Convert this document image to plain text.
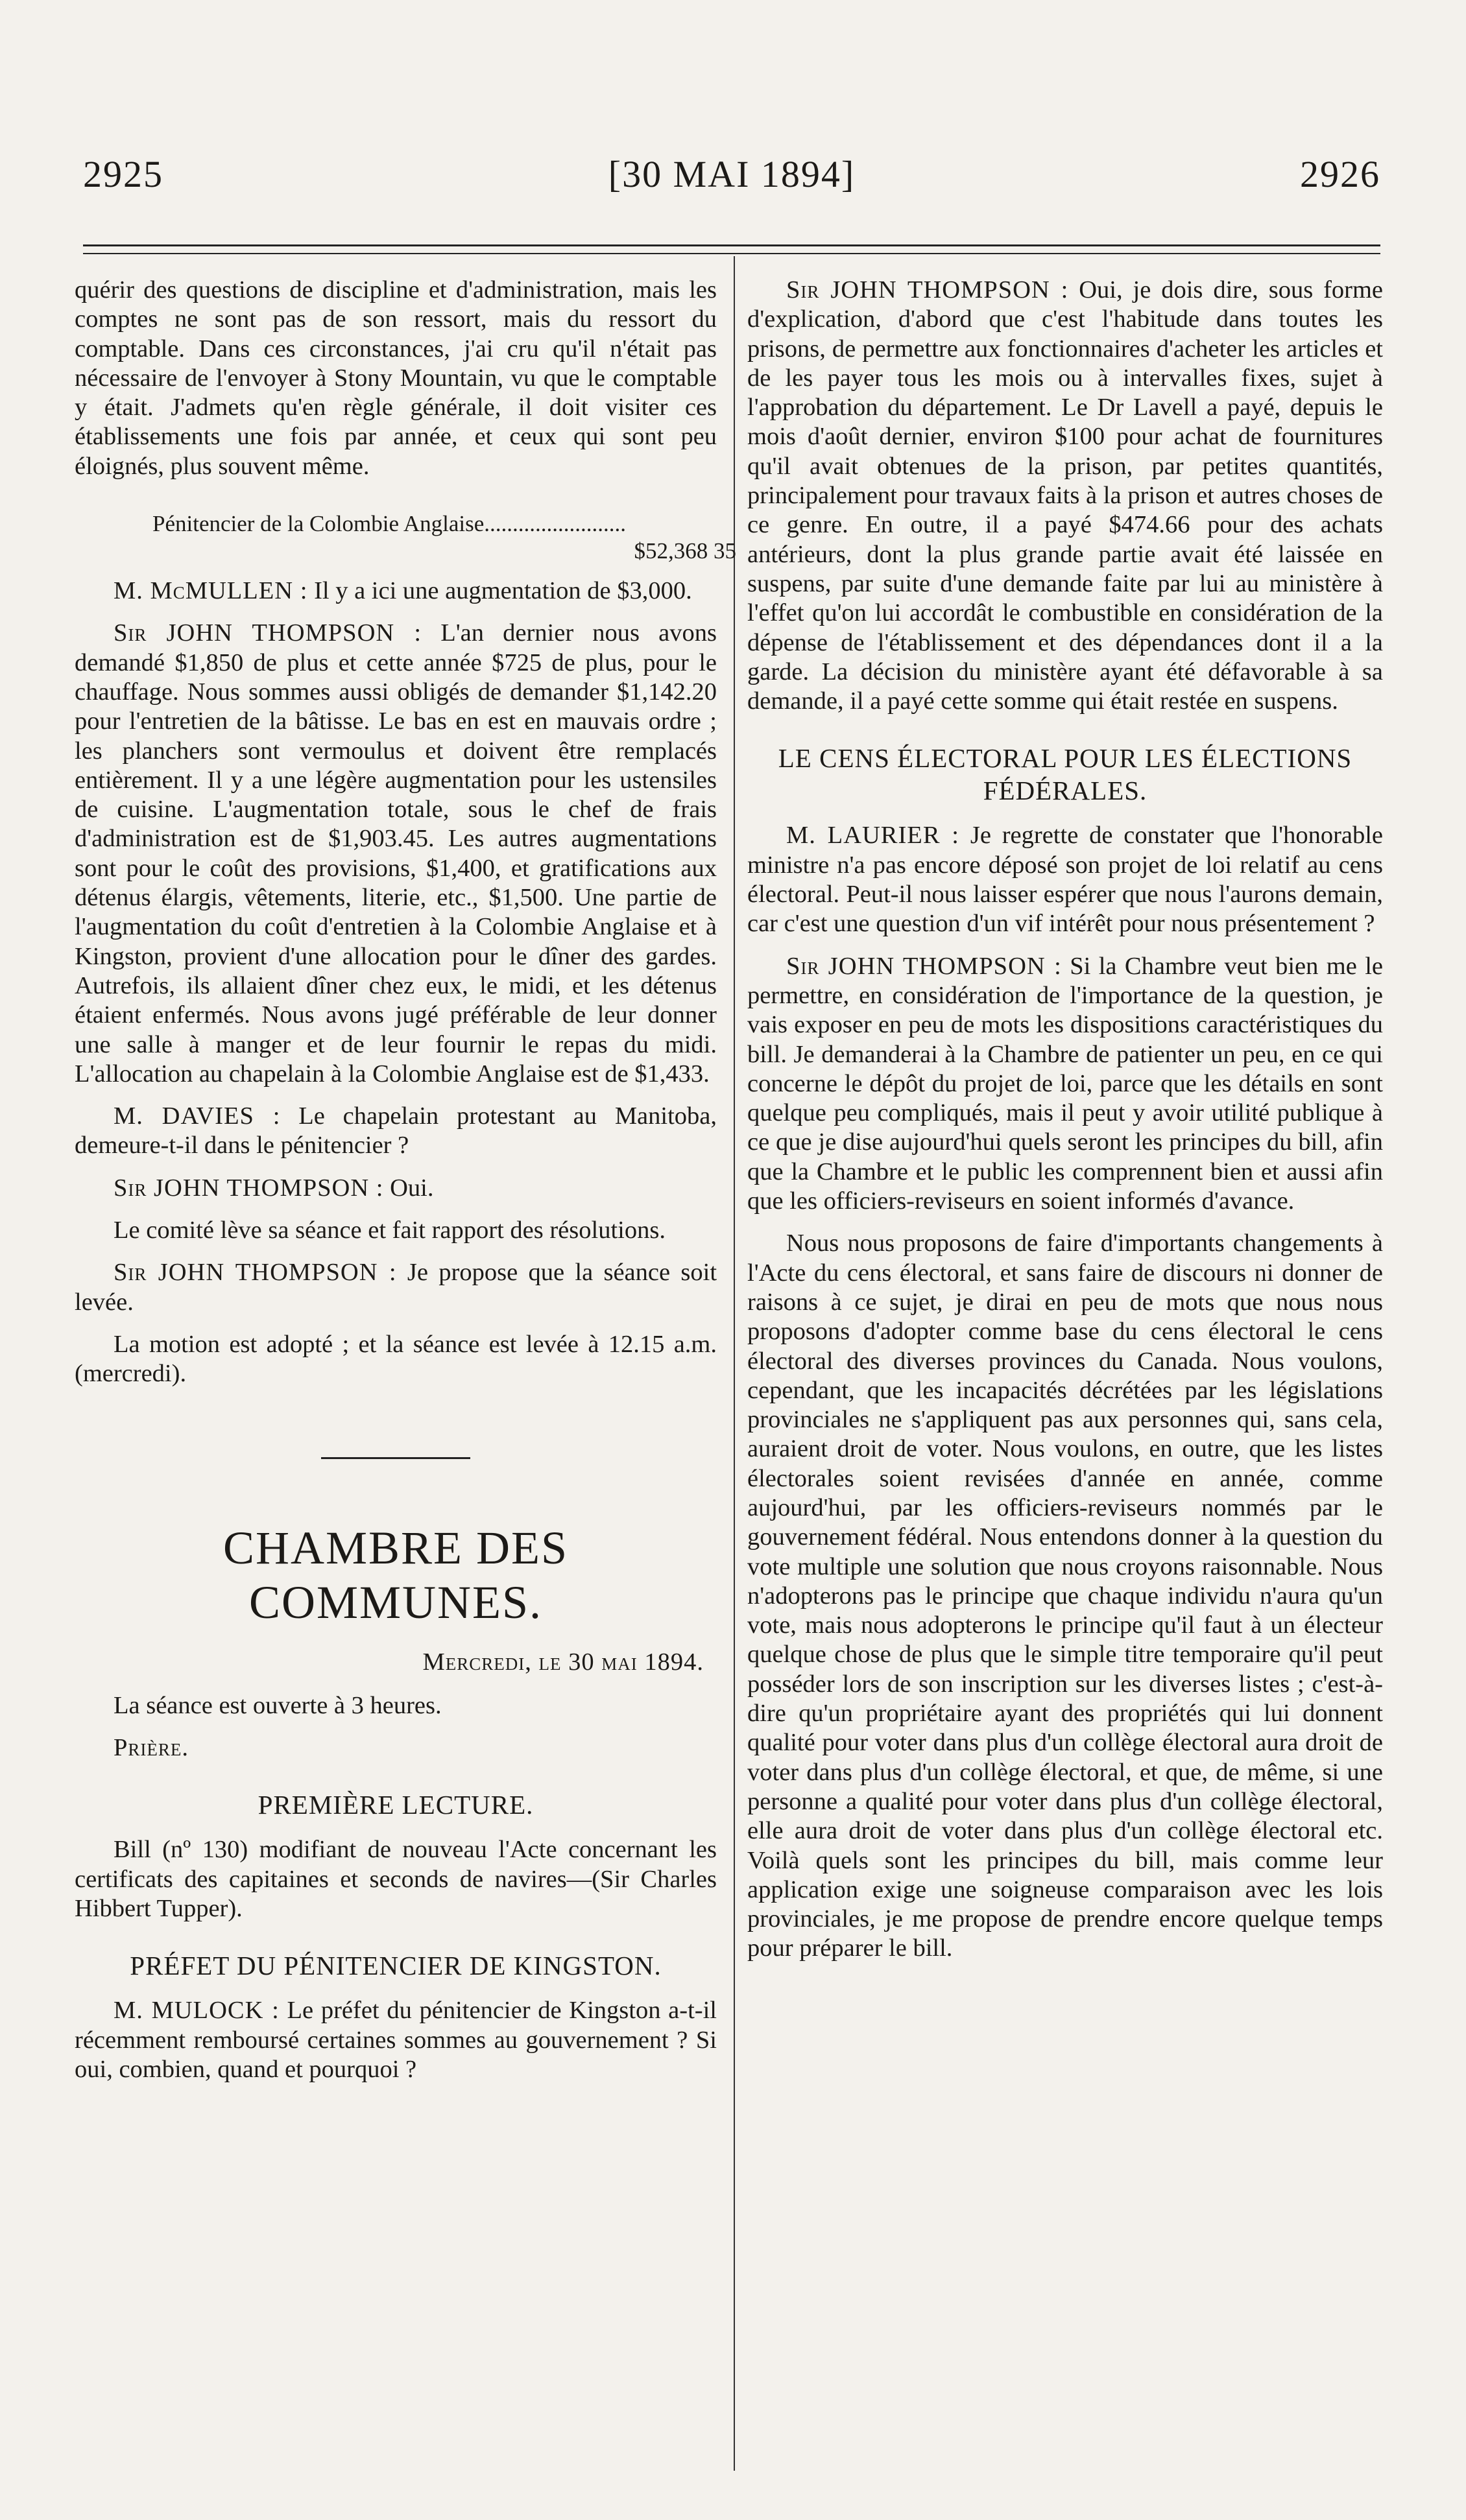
2925	[30 MAI 1894]	2926

quérir des questions de discipline et d'administration, mais les comptes ne sont pas de son ressort, mais du ressort du comptable. Dans ces circonstances, j'ai cru qu'il n'était pas nécessaire de l'envoyer à Stony Mountain, vu que le comptable y était. J'admets qu'en règle générale, il doit visiter ces établissements une fois par année, et ceux qui sont peu éloignés, plus souvent même.

Pénitencier de la Colombie Anglaise.........................
$52,368 35

M. McMULLEN : Il y a ici une augmentation de $3,000.

Sir JOHN THOMPSON : L'an dernier nous avons demandé $1,850 de plus et cette année $725 de plus, pour le chauffage. Nous sommes aussi obligés de demander $1,142.20 pour l'entretien de la bâtisse. Le bas en est en mauvais ordre ; les planchers sont vermoulus et doivent être remplacés entièrement. Il y a une légère augmentation pour les ustensiles de cuisine. L'augmentation totale, sous le chef de frais d'administration est de $1,903.45. Les autres augmentations sont pour le coût des provisions, $1,400, et gratifications aux détenus élargis, vêtements, literie, etc., $1,500. Une partie de l'augmentation du coût d'entretien à la Colombie Anglaise et à Kingston, provient d'une allocation pour le dîner des gardes. Autrefois, ils allaient dîner chez eux, le midi, et les détenus étaient enfermés. Nous avons jugé préférable de leur donner une salle à manger et de leur fournir le repas du midi. L'allocation au chapelain à la Colombie Anglaise est de $1,433.

M. DAVIES : Le chapelain protestant au Manitoba, demeure-t-il dans le pénitencier ?

Sir JOHN THOMPSON : Oui.

Le comité lève sa séance et fait rapport des résolutions.

Sir JOHN THOMPSON : Je propose que la séance soit levée.

La motion est adopté ; et la séance est levée à 12.15 a.m. (mercredi).

CHAMBRE DES COMMUNES.
Mercredi, le 30 mai 1894.

La séance est ouverte à 3 heures.

Prière.
PREMIÈRE LECTURE.

Bill (nº 130) modifiant de nouveau l'Acte concernant les certificats des capitaines et seconds de navires—(Sir Charles Hibbert Tupper).

PRÉFET DU PÉNITENCIER DE KINGSTON.

M. MULOCK : Le préfet du pénitencier de Kingston a-t-il récemment remboursé certaines sommes au gouvernement ? Si oui, combien, quand et pourquoi ?

Sir JOHN THOMPSON : Oui, je dois dire, sous forme d'explication, d'abord que c'est l'habitude dans toutes les prisons, de permettre aux fonctionnaires d'acheter les articles et de les payer tous les mois ou à intervalles fixes, sujet à l'approbation du département. Le Dr Lavell a payé, depuis le mois d'août dernier, environ $100 pour achat de fournitures qu'il avait obtenues de la prison, par petites quantités, principalement pour travaux faits à la prison et autres choses de ce genre. En outre, il a payé $474.66 pour des achats antérieurs, dont la plus grande partie avait été laissée en suspens, par suite d'une demande faite par lui au ministère à l'effet qu'on lui accordât le combustible en considération de la dépense de l'établissement et des dépendances dont il a la garde. La décision du ministère ayant été défavorable à sa demande, il a payé cette somme qui était restée en suspens.

LE CENS ÉLECTORAL POUR LES ÉLECTIONS FÉDÉRALES.

M. LAURIER : Je regrette de constater que l'honorable ministre n'a pas encore déposé son projet de loi relatif au cens électoral. Peut-il nous laisser espérer que nous l'aurons demain, car c'est une question d'un vif intérêt pour nous présentement ?

Sir JOHN THOMPSON : Si la Chambre veut bien me le permettre, en considération de l'importance de la question, je vais exposer en peu de mots les dispositions caractéristiques du bill. Je demanderai à la Chambre de patienter un peu, en ce qui concerne le dépôt du projet de loi, parce que les détails en sont quelque peu compliqués, mais il peut y avoir utilité publique à ce que je dise aujourd'hui quels seront les principes du bill, afin que la Chambre et le public les comprennent bien et aussi afin que les officiers-reviseurs en soient informés d'avance.

Nous nous proposons de faire d'importants changements à l'Acte du cens électoral, et sans faire de discours ni donner de raisons à ce sujet, je dirai en peu de mots que nous nous proposons d'adopter comme base du cens électoral le cens électoral des diverses provinces du Canada. Nous voulons, cependant, que les incapacités décrétées par les législations provinciales ne s'appliquent pas aux personnes qui, sans cela, auraient droit de voter. Nous voulons, en outre, que les listes électorales soient revisées d'année en année, comme aujourd'hui, par les officiers-reviseurs nommés par le gouvernement fédéral. Nous entendons donner à la question du vote multiple une solution que nous croyons raisonnable. Nous n'adopterons pas le principe que chaque individu n'aura qu'un vote, mais nous adopterons le principe qu'il faut à un électeur quelque chose de plus que le simple titre temporaire qu'il peut posséder lors de son inscription sur les diverses listes ; c'est-à-dire qu'un propriétaire ayant des propriétés qui lui donnent qualité pour voter dans plus d'un collège électoral aura droit de voter dans plus d'un collège électoral, et que, de même, si une personne a qualité pour voter dans plus d'un collège électoral, elle aura droit de voter dans plus d'un collège électoral etc. Voilà quels sont les principes du bill, mais comme leur application exige une soigneuse comparaison avec les lois provinciales, je me propose de prendre encore quelque temps pour préparer le bill.
